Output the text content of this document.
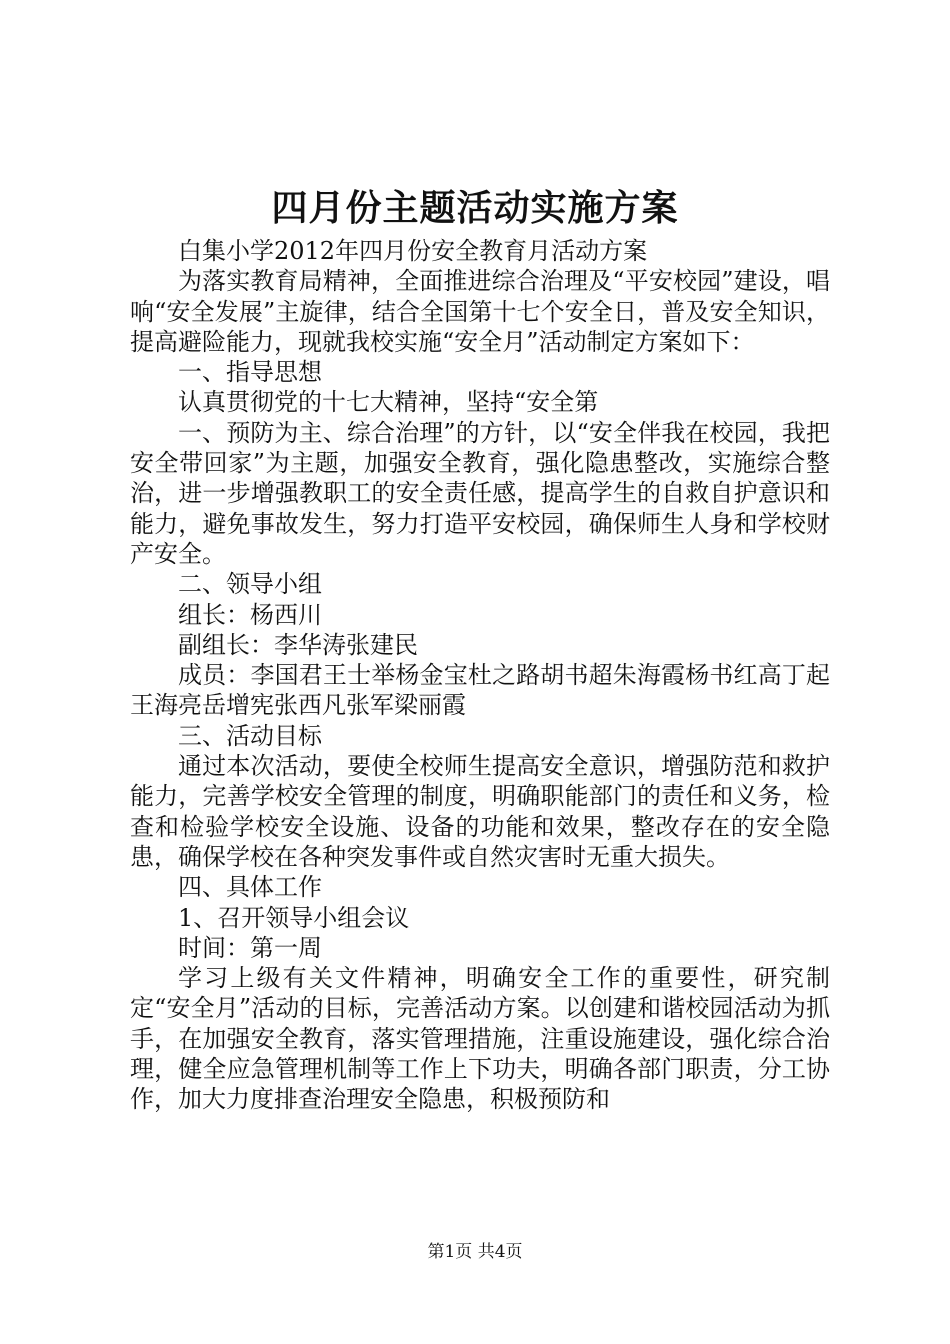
四月份主题活动实施方案

白集小学2012年四月份安全教育月活动方案

为落实教育局精神，全面推进综合治理及“平安校园”建设，唱响“安全发展”主旋律，结合全国第十七个安全日，普及安全知识，提高避险能力，现就我校实施“安全月”活动制定方案如下：

一、指导思想

认真贯彻党的十七大精神，坚持“安全第

一、预防为主、综合治理”的方针，以“安全伴我在校园，我把安全带回家”为主题，加强安全教育，强化隐患整改，实施综合整治，进一步增强教职工的安全责任感，提高学生的自救自护意识和能力，避免事故发生，努力打造平安校园，确保师生人身和学校财产安全。

二、领导小组

组长：杨西川

副组长：李华涛张建民

成员：李国君王士举杨金宝杜之路胡书超朱海霞杨书红高丁起王海亮岳增宪张西凡张军梁丽霞

三、活动目标

通过本次活动，要使全校师生提高安全意识，增强防范和救护能力，完善学校安全管理的制度，明确职能部门的责任和义务，检查和检验学校安全设施、设备的功能和效果，整改存在的安全隐患，确保学校在各种突发事件或自然灾害时无重大损失。

四、具体工作

1、召开领导小组会议

时间：第一周

学习上级有关文件精神，明确安全工作的重要性，研究制定“安全月”活动的目标，完善活动方案。以创建和谐校园活动为抓手，在加强安全教育，落实管理措施，注重设施建设，强化综合治理，健全应急管理机制等工作上下功夫，明确各部门职责，分工协作，加大力度排查治理安全隐患，积极预防和

第1页 共4页
